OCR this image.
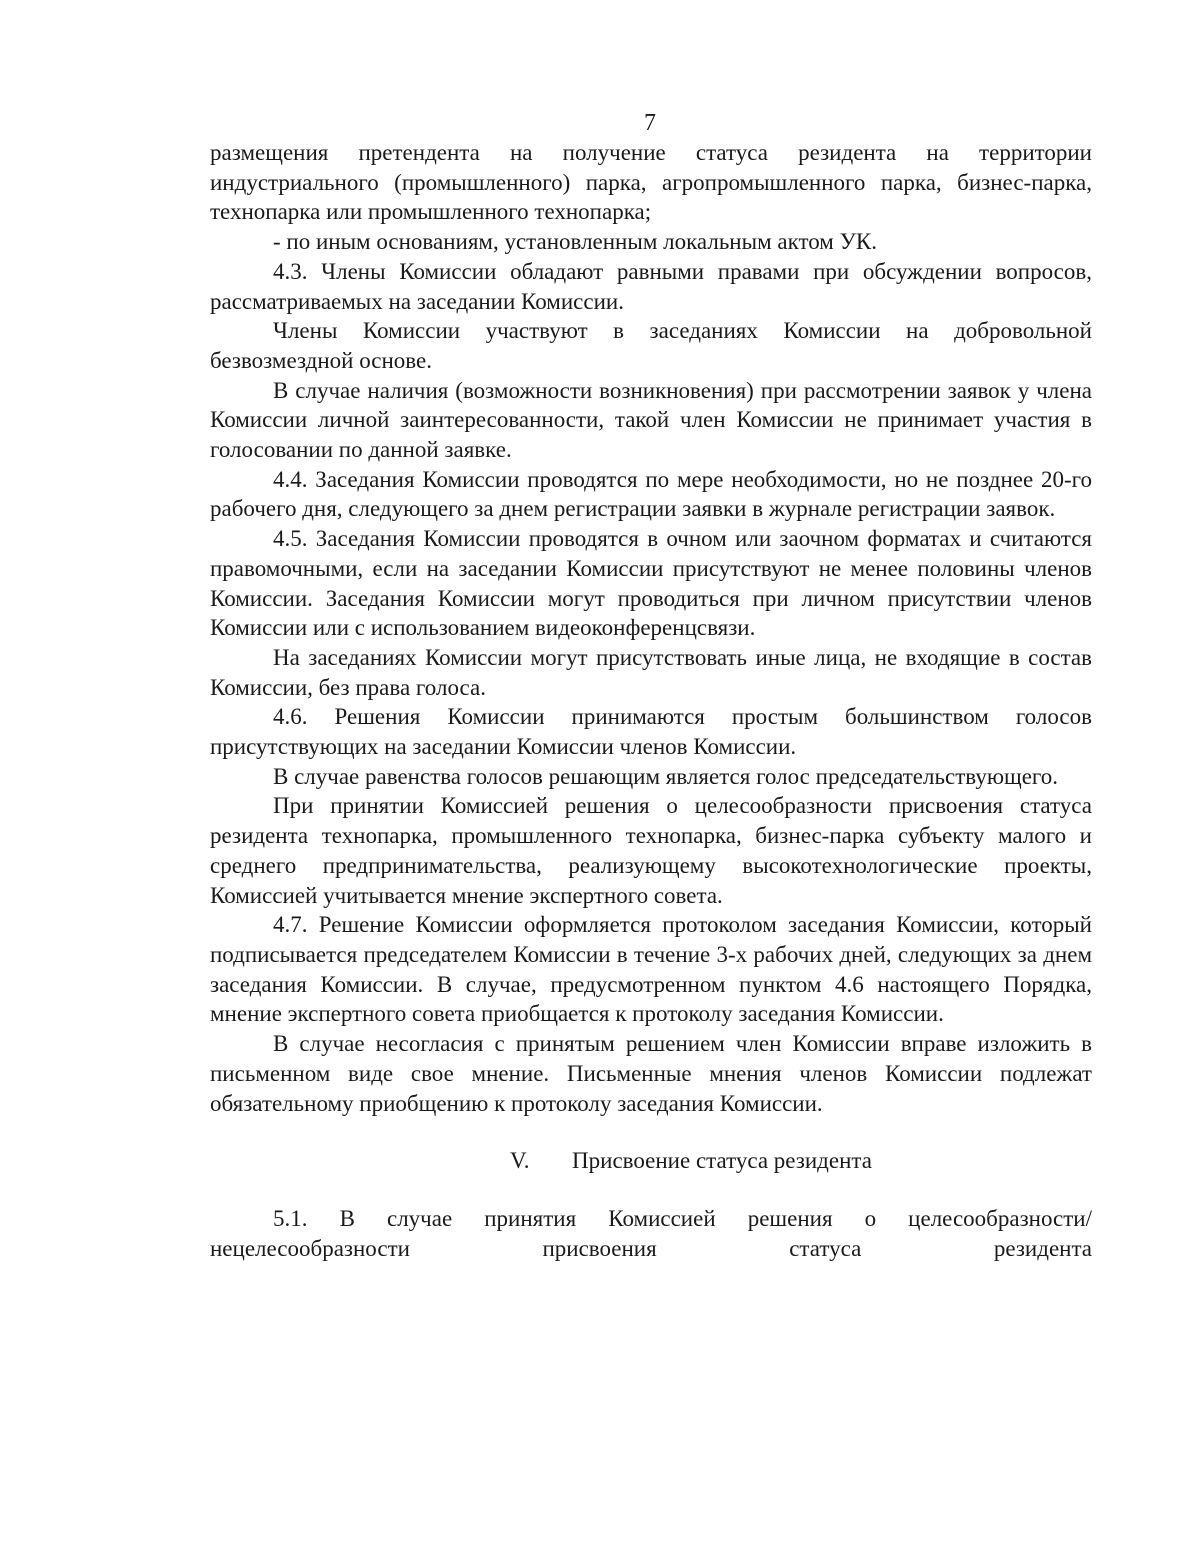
7

размещения претендента на получение статуса резидента на территории индустриального (промышленного) парка, агропромышленного парка, бизнес-парка, технопарка или промышленного технопарка;

- по иным основаниям, установленным локальным актом УК.

4.3. Члены Комиссии обладают равными правами при обсуждении вопросов, рассматриваемых на заседании Комиссии.

Члены Комиссии участвуют в заседаниях Комиссии на добровольной безвозмездной основе.

В случае наличия (возможности возникновения) при рассмотрении заявок у члена Комиссии личной заинтересованности, такой член Комиссии не принимает участия в голосовании по данной заявке.

4.4. Заседания Комиссии проводятся по мере необходимости, но не позднее 20-го рабочего дня, следующего за днем регистрации заявки в журнале регистрации заявок.

4.5. Заседания Комиссии проводятся в очном или заочном форматах и считаются правомочными, если на заседании Комиссии присутствуют не менее половины членов Комиссии. Заседания Комиссии могут проводиться при личном присутствии членов Комиссии или с использованием видеоконференцсвязи.

На заседаниях Комиссии могут присутствовать иные лица, не входящие в состав Комиссии, без права голоса.

4.6. Решения Комиссии принимаются простым большинством голосов присутствующих на заседании Комиссии членов Комиссии.

В случае равенства голосов решающим является голос председательствующего.

При принятии Комиссией решения о целесообразности присвоения статуса резидента технопарка, промышленного технопарка, бизнес-парка субъекту малого и среднего предпринимательства, реализующему высокотехнологические проекты, Комиссией учитывается мнение экспертного совета.

4.7. Решение Комиссии оформляется протоколом заседания Комиссии, который подписывается председателем Комиссии в течение 3-х рабочих дней, следующих за днем заседания Комиссии. В случае, предусмотренном пунктом 4.6 настоящего Порядка, мнение экспертного совета приобщается к протоколу заседания Комиссии.

В случае несогласия с принятым решением член Комиссии вправе изложить в письменном виде свое мнение. Письменные мнения членов Комиссии подлежат обязательному приобщению к протоколу заседания Комиссии.

V. Присвоение статуса резидента

5.1. В случае принятия Комиссией решения о целесообразности/нецелесообразности присвоения статуса резидента
